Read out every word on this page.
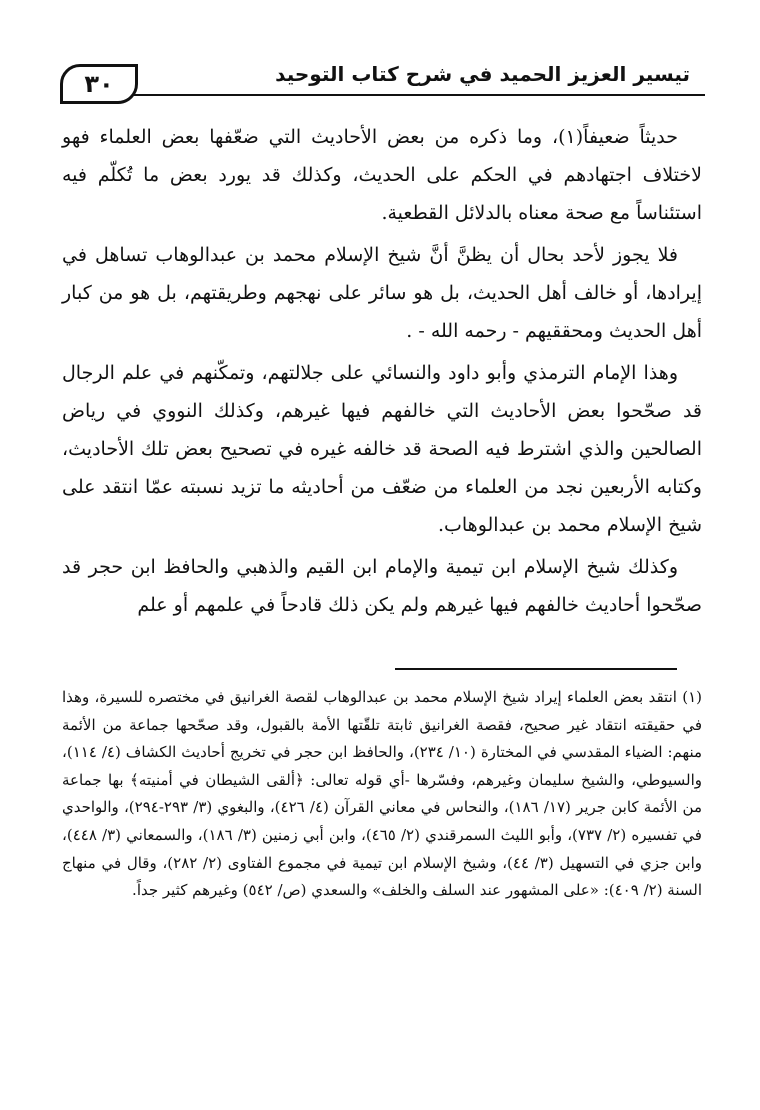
٣٠	تيسير العزيز الحميد في شرح كتاب التوحيد

حديثاً ضعيفاً(١)، وما ذكره من بعض الأحاديث التي ضعّفها بعض العلماء فهو لاختلاف اجتهادهم في الحكم على الحديث، وكذلك قد يورد بعض ما تُكلّم فيه استئناساً مع صحة معناه بالدلائل القطعية.

فلا يجوز لأحد بحال أن يظنَّ أنَّ شيخ الإسلام محمد بن عبدالوهاب تساهل في إيرادها، أو خالف أهل الحديث، بل هو سائر على نهجهم وطريقتهم، بل هو من كبار أهل الحديث ومحققيهم - رحمه الله - .

وهذا الإمام الترمذي وأبو داود والنسائي على جلالتهم، وتمكّنهم في علم الرجال قد صحّحوا بعض الأحاديث التي خالفهم فيها غيرهم، وكذلك النووي في رياض الصالحين والذي اشترط فيه الصحة قد خالفه غيره في تصحيح بعض تلك الأحاديث، وكتابه الأربعين نجد من العلماء من ضعّف من أحاديثه ما تزيد نسبته عمّا انتقد على شيخ الإسلام محمد بن عبدالوهاب.

وكذلك شيخ الإسلام ابن تيمية والإمام ابن القيم والذهبي والحافظ ابن حجر قد صحّحوا أحاديث خالفهم فيها غيرهم ولم يكن ذلك قادحاً في علمهم أو علم

(١) انتقد بعض العلماء إيراد شيخ الإسلام محمد بن عبدالوهاب لقصة الغرانيق في مختصره للسيرة، وهذا في حقيقته انتقاد غير صحيح، فقصة الغرانيق ثابتة تلقّتها الأمة بالقبول، وقد صحّحها جماعة من الأئمة منهم: الضياء المقدسي في المختارة (١٠/ ٢٣٤)، والحافظ ابن حجر في تخريج أحاديث الكشاف (٤/ ١١٤)، والسيوطي، والشيخ سليمان وغيرهم، وفسّرها -أي قوله تعالى: ﴿ألقى الشيطان في أمنيته﴾ بها جماعة من الأئمة كابن جرير (١٧/ ١٨٦)، والنحاس في معاني القرآن (٤/ ٤٢٦)، والبغوي (٣/ ٢٩٣-٢٩٤)، والواحدي في تفسيره (٢/ ٧٣٧)، وأبو الليث السمرقندي (٢/ ٤٦٥)، وابن أبي زمنين (٣/ ١٨٦)، والسمعاني (٣/ ٤٤٨)، وابن جزي في التسهيل (٣/ ٤٤)، وشيخ الإسلام ابن تيمية في مجموع الفتاوى (٢/ ٢٨٢)، وقال في منهاج السنة (٢/ ٤٠٩): «على المشهور عند السلف والخلف» والسعدي (ص/ ٥٤٢) وغيرهم كثير جداً.
